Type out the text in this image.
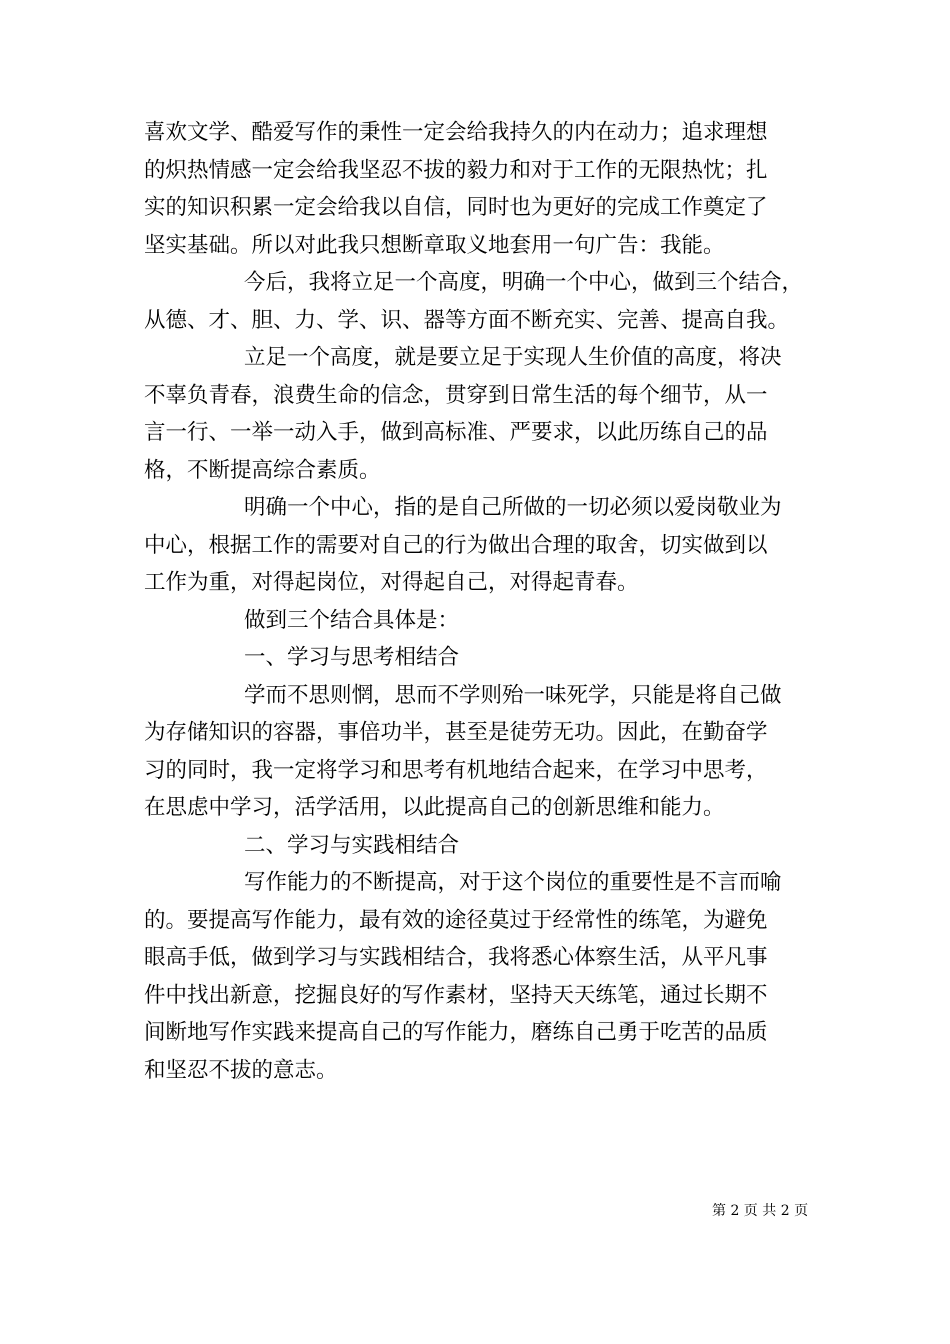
喜欢文学、酷爱写作的秉性一定会给我持久的内在动力；追求理想
的炽热情感一定会给我坚忍不拔的毅力和对于工作的无限热忱；扎
实的知识积累一定会给我以自信，同时也为更好的完成工作奠定了
坚实基础。所以对此我只想断章取义地套用一句广告：我能。
今后，我将立足一个高度，明确一个中心，做到三个结合，
从德、才、胆、力、学、识、器等方面不断充实、完善、提高自我。
立足一个高度，就是要立足于实现人生价值的高度，将决
不辜负青春，浪费生命的信念，贯穿到日常生活的每个细节，从一
言一行、一举一动入手，做到高标准、严要求，以此历练自己的品
格，不断提高综合素质。
明确一个中心，指的是自己所做的一切必须以爱岗敬业为
中心，根据工作的需要对自己的行为做出合理的取舍，切实做到以
工作为重，对得起岗位，对得起自己，对得起青春。
做到三个结合具体是：
一、学习与思考相结合
学而不思则惘，思而不学则殆一味死学，只能是将自己做
为存储知识的容器，事倍功半，甚至是徒劳无功。因此，在勤奋学
习的同时，我一定将学习和思考有机地结合起来，在学习中思考，
在思虑中学习，活学活用，以此提高自己的创新思维和能力。
二、学习与实践相结合
写作能力的不断提高，对于这个岗位的重要性是不言而喻
的。要提高写作能力，最有效的途径莫过于经常性的练笔，为避免
眼高手低，做到学习与实践相结合，我将悉心体察生活，从平凡事
件中找出新意，挖掘良好的写作素材，坚持天天练笔，通过长期不
间断地写作实践来提高自己的写作能力，磨练自己勇于吃苦的品质
和坚忍不拔的意志。
第 2 页 共 2 页
